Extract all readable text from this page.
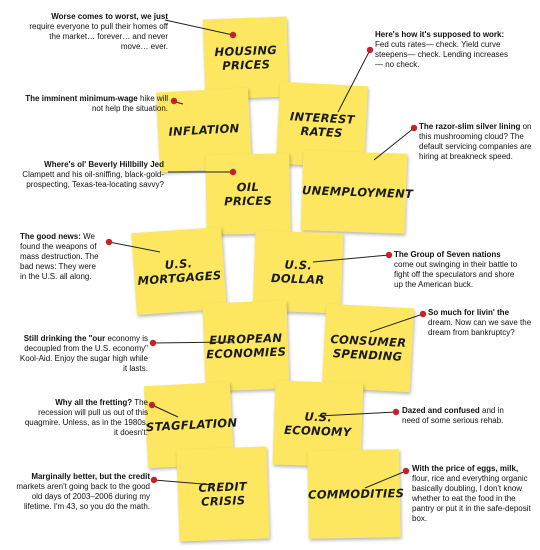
HOUSING
PRICES
INTEREST
RATES
INFLATION
UNEMPLOYMENT
OIL
PRICES
U.S.
MORTGAGES
U.S.
DOLLAR
EUROPEAN
ECONOMIES
CONSUMER
SPENDING
STAGFLATION	U.S.
ECONOMY
CREDIT
CRISIS	COMMODITIES
Worse comes to worst, we just require everyone to pull their homes off the market… forever… and never move… ever.
Here's how it's supposed to work: Fed cuts rates— check. Yield curve steepens— check. Lending increases— no check.
The imminent minimum-wage hike will not help the situation.
The razor-slim silver lining on this mushrooming cloud? The default servicing companies are hiring at breakneck speed.
Where's ol' Beverly Hillbilly Jed Clampett and his oil-sniffing, black-gold-prospecting, Texas-tea-locating savvy?
The good news: We found the weapons of mass destruction. The bad news: They were in the U.S. all along.
The Group of Seven nations come out swinging in their battle to fight off the speculators and shore up the American buck.
Still drinking the "our economy is decoupled from the U.S. economy" Kool-Aid. Enjoy the sugar high while it lasts.
So much for livin' the dream. Now can we save the dream from bankruptcy?
Why all the fretting? The recession will pull us out of this quagmire. Unless, as in the 1980s, it doesn't.
Dazed and confused and in need of some serious rehab.
Marginally better, but the credit markets aren't going back to the good old days of 2003–2006 during my lifetime. I'm 43, so you do the math.
With the price of eggs, milk, flour, rice and everything organic basically doubling, I don't know whether to eat the food in the pantry or put it in the safe-deposit box.
